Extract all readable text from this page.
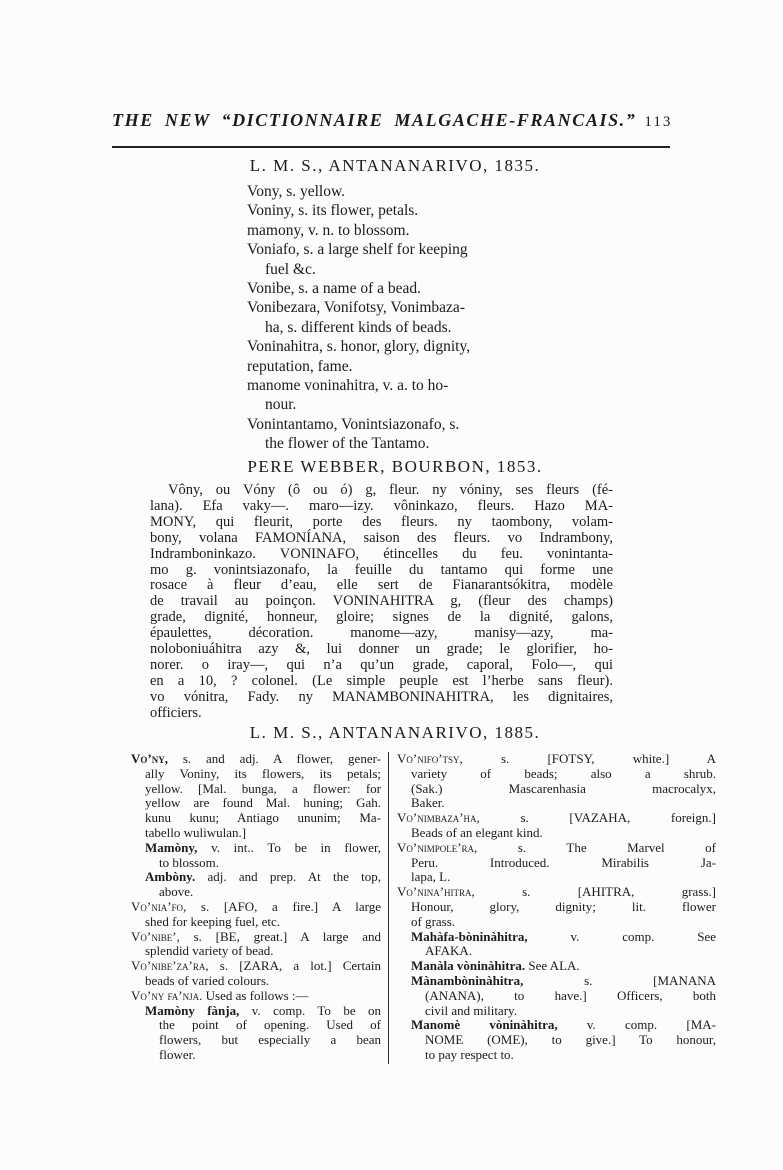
THE NEW “DICTIONNAIRE MALGACHE-FRANCAIS.” 113
L. M. S., ANTANANARIVO, 1835.
Vony, s. yellow.
Voniny, s. its flower, petals.
mamony, v. n. to blossom.
Voniafo, s. a large shelf for keeping
fuel &c.
Vonibe, s. a name of a bead.
Vonibezara, Vonifotsy, Vonimbaza-
ha, s. different kinds of beads.
Voninahitra, s. honor, glory, dignity,
reputation, fame.
manome voninahitra, v. a. to ho-
nour.
Vonintantamo, Vonintsiazonafo, s.
the flower of the Tantamo.
PERE WEBBER, BOURBON, 1853.
Vôny, ou Vóny (ô ou ó) g, fleur. ny vóniny, ses fleurs (fé-
lana). Efa vaky—. maro—izy. vôninkazo, fleurs. Hazo MA-
MONY, qui fleurit, porte des fleurs. ny taombony, volam-
bony, volana FAMONÍANA, saison des fleurs. vo Indrambony,
Indramboninkazo. VONINAFO, étincelles du feu. vonintanta-
mo g. vonintsiazonafo, la feuille du tantamo qui forme une
rosace à fleur d’eau, elle sert de Fianarantsókitra, modèle
de travail au poinçon. VONINAHITRA g, (fleur des champs)
grade, dignité, honneur, gloire; signes de la dignité, galons,
épaulettes, décoration. manome—azy, manisy—azy, ma-
noloboniuáhitra azy &, lui donner un grade; le glorifier, ho-
norer. o iray—, qui n’a qu’un grade, caporal, Folo—, qui
en a 10, ? colonel. (Le simple peuple est l’herbe sans fleur).
vo vónitra, Fady. ny MANAMBONINAHITRA, les dignitaires,
officiers.
L. M. S., ANTANANARIVO, 1885.
Vo’ny, s. and adj. A flower, gener-
ally Voniny, its flowers, its petals;
yellow. [Mal. bunga, a flower: for
yellow are found Mal. huning; Gah.
kunu kunu; Antiago ununim; Ma-
tabello wuliwulan.]
Mamòny, v. int.. To be in flower,
to blossom.
Ambòny. adj. and prep. At the top,
above.
Vo’nia’fo, s. [AFO, a fire.] A large
shed for keeping fuel, etc.
Vo’nibe’, s. [BE, great.] A large and
splendid variety of bead.
Vo’nibe’za’ra, s. [ZARA, a lot.] Certain
beads of varied colours.
Vo’ny fa’nja. Used as follows :—
Mamòny fànja, v. comp. To be on
the point of opening. Used of
flowers, but especially a bean
flower.
Vo’nifo’tsy, s. [FOTSY, white.] A
variety of beads; also a shrub.
(Sak.) Mascarenhasia macrocalyx,
Baker.
Vo’nimbaza’ha, s. [VAZAHA, foreign.]
Beads of an elegant kind.
Vo’nimpole’ra, s. The Marvel of
Peru. Introduced. Mirabilis Ja-
lapa, L.
Vo’nina’hitra, s. [AHITRA, grass.]
Honour, glory, dignity; lit. flower
of grass.
Mahàfa-bòninàhitra, v. comp. See
AFAKA.
Manàla vòninàhitra. See ALA.
Mànambòninàhitra, s. [MANANA
(ANANA), to have.] Officers, both
civil and military.
Manomè vòninàhitra, v. comp. [MA-
NOME (OME), to give.] To honour,
to pay respect to.
